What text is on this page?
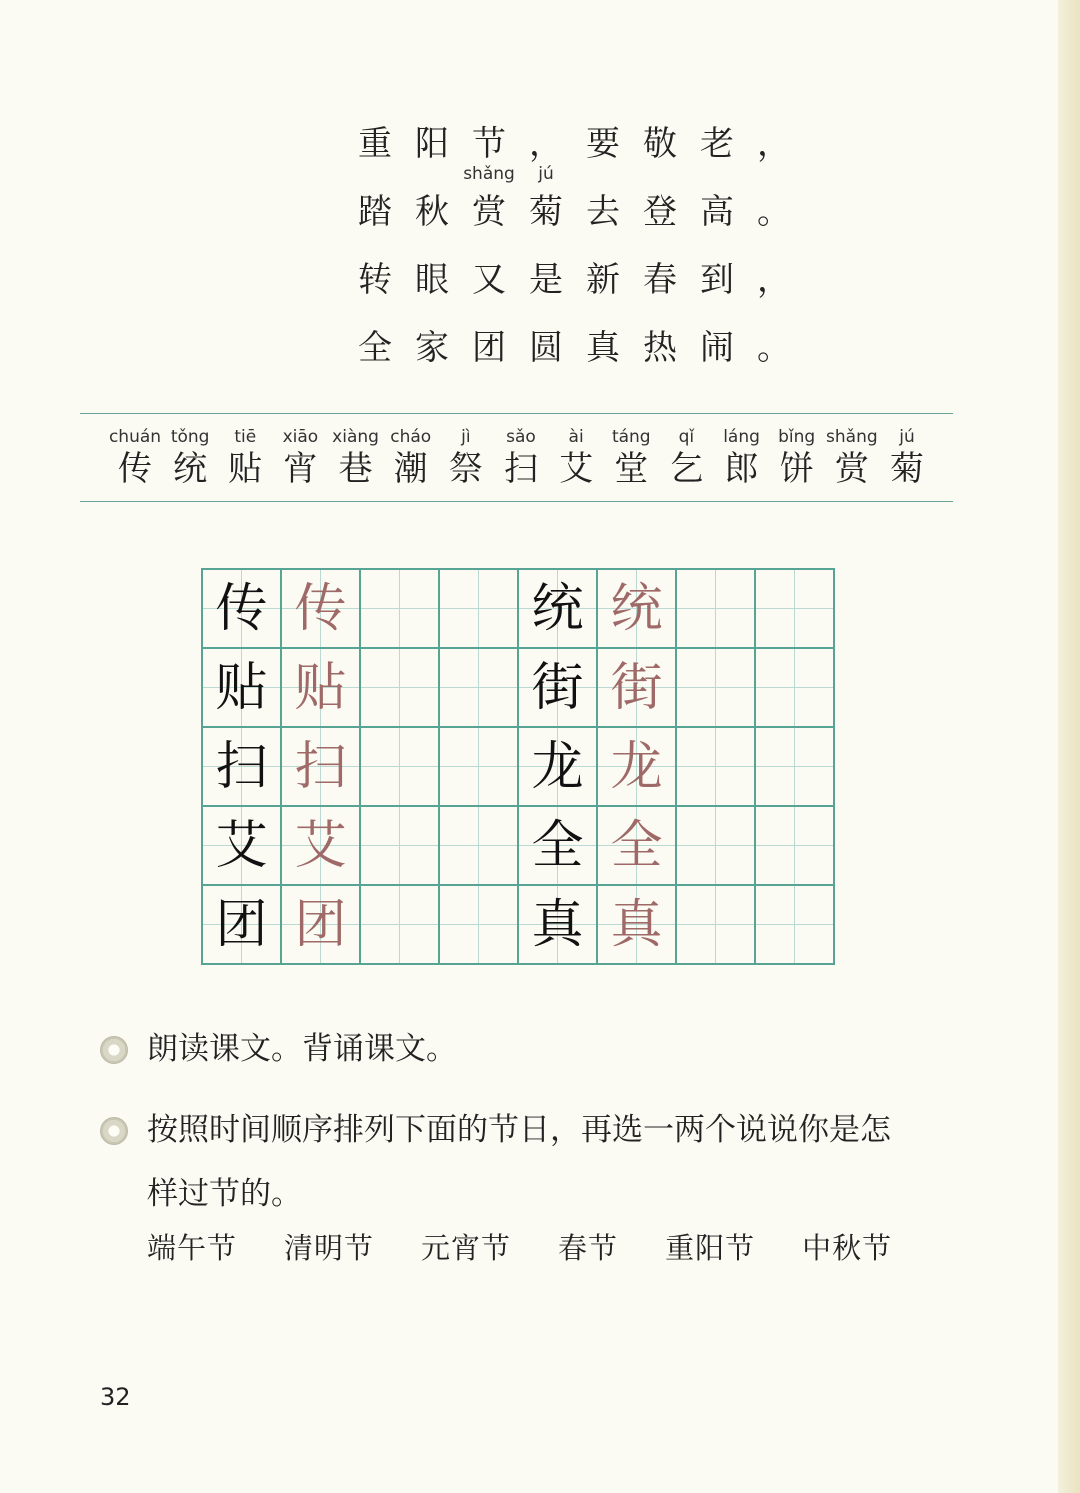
重 阳 节 ， 要 敬 老 ，
踏 秋 赏
shǎng
菊
jú
去 登 高 。
转 眼 又 是 新 春 到 ，
全 家 团 圆 真 热 闹 。
chuán
传
tǒng
统
tiē
贴
xiāo
宵
xiàng
巷
cháo
潮
jì
祭
sǎo
扫
ài
艾
táng
堂
qǐ
乞
láng
郎
bǐng
饼
shǎng
赏
jú
菊
传 传	统 统
贴 贴	街 街
扫 扫	龙 龙
艾 艾	全 全
团 团	真 真
朗读课文。背诵课文。
按照时间顺序排列下面的节日，再选一两个说说你是怎
样过节的。
端午节 清明节 元宵节 春节 重阳节 中秋节
32
